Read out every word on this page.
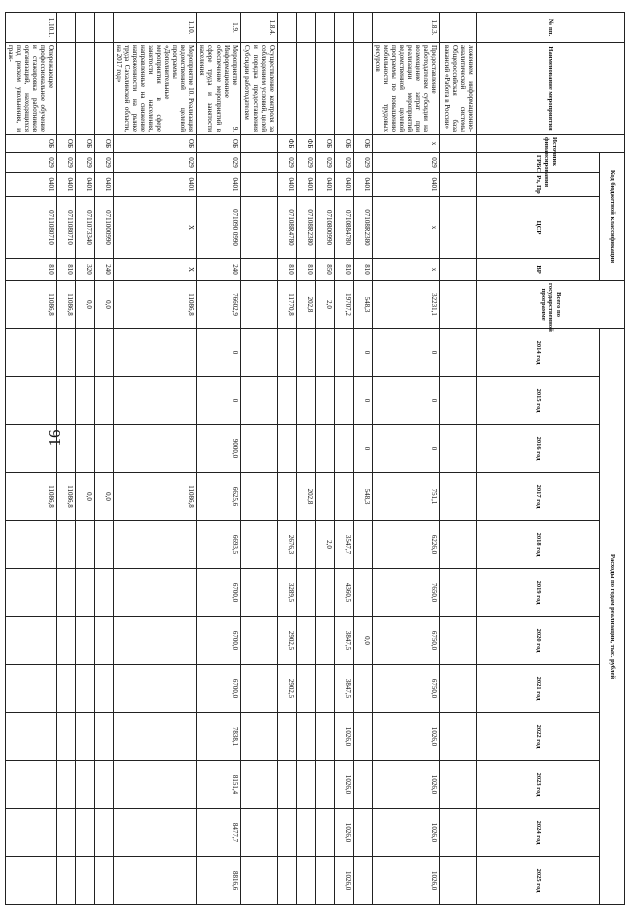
16
№ пп.	Наименование мероприятия	Источник финансирования	Код бюджетной классификации				Всего по государственной программе	Расходы по годам реализации, тыс. рублей											
			ГРБС	Рз, Пр	ЦСР	ВР		2014 год	2015 год	2016 год	2017 год	2018 год	2019 год	2020 год	2021 год	2022 год	2023 год	2024 год	2025 год
	ложением информационно-аналитической системы Общероссийская база вакансий «Работа в России»																		
1.8.3.	Предоставление работодателям субсидии на возмещение затрат при реализации мероприятий ведомственной целевой программы по повышению мобильности трудовых ресурсов	x	029	0401	x	x	32231,1	0	0	0	751,1	6226,0	7650,0	6750,0	6750,0	1026,0	1026,0	1026,0	1026,0
		ОБ	029	0401	07108R2380	810	548,3	0	0	0	548,3			0,0					
		ОБ	029	0401	0710884780	810	19707,2					3547,7	4360,5	3847,5	3847,5	1026,0	1026,0	1026,0	1026,0
		ОБ	029	0401	0710800990	850	2,0					2,0							
		ФБ	029	0401	07108R2380	810	202,8				202,8								
		ФБ	029	0401	07108R4780	810	11770,8					2676,3	3289,5	2902,5	2902,5				
1.8.4.	Осуществление контроля за соблюдением условий, целей и порядка предоставления Субсидии работодателям																		
1.9.	Мероприятие 9. Информационное обеспечение мероприятий в сфере труда и занятости населения	ОБ	029	0401	071090 0990	240	76602,9	0	0	9000,0	6625,6	6693,5	6700,0	6700,0	6700,0	7838,1	8151,4	8477,7	8816,6
1.10.	Мероприятие 10. Реализация ведомственной целевой программы «Дополнительные мероприятия в сфере занятости населения, направленные на снижение напряженности на рынке труда Сахалинской области, на 2017 год»	ОБ	029	0401	X	X	11086,8				11086,8								
		ОБ	029	0401	0711000990	240	0,0				0,0								
		ОБ	029	0401	0711073340	320	0,0				0,0								
		ОБ	029	0401	0711080710	810	11086,8				11086,8								
1.10.1.	Опережающее профессиональное обучение и стажировка работников организаций, находящихся под риском увольнения, и граж-	ОБ	029	0401	0711080710	810	11086,8				11086,8								
